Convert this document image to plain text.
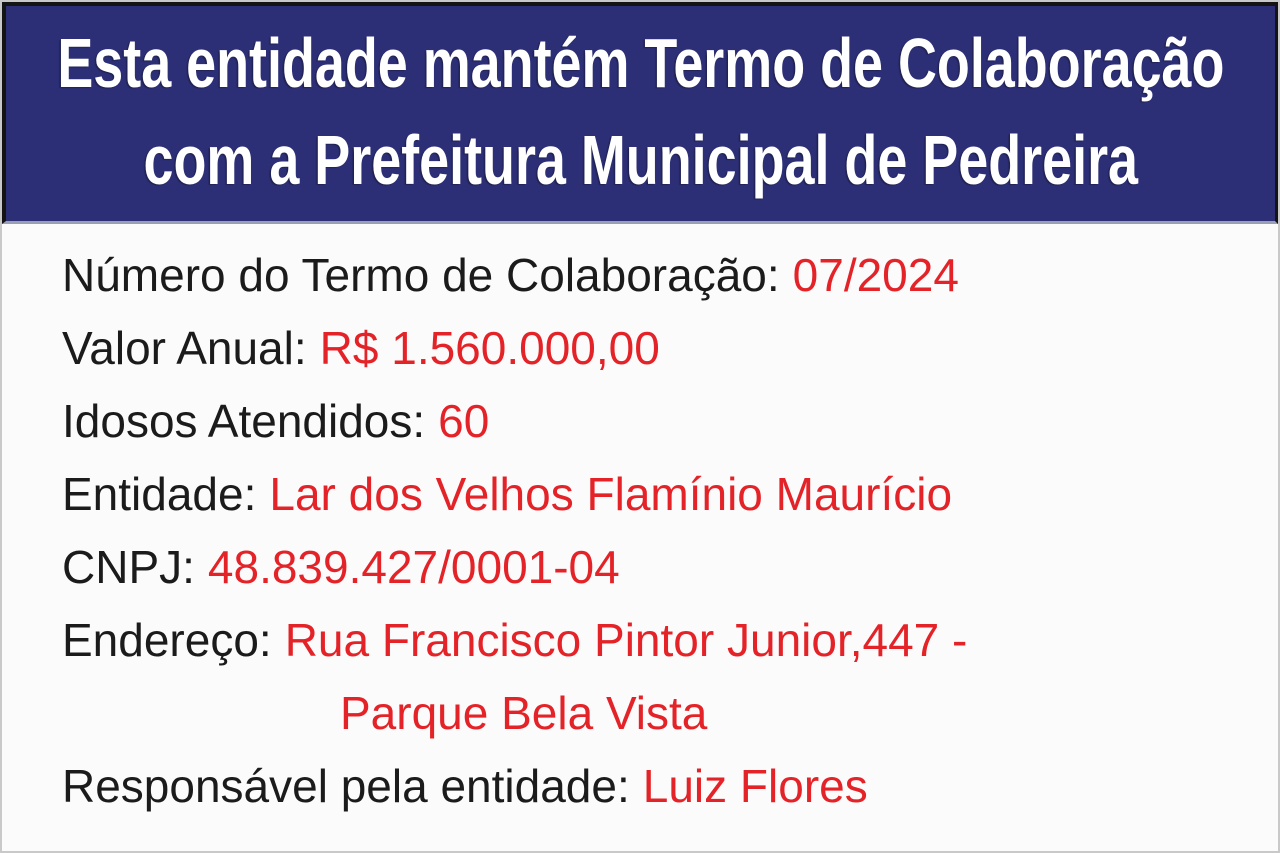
Esta entidade mantém Termo de Colaboração
com a Prefeitura Municipal de Pedreira
Número do Termo de Colaboração: 07/2024
Valor Anual: R$ 1.560.000,00
Idosos Atendidos: 60
Entidade: Lar dos Velhos Flamínio Maurício
CNPJ: 48.839.427/0001-04
Endereço: Rua Francisco Pintor Junior,447 -
Parque Bela Vista
Responsável pela entidade: Luiz Flores
